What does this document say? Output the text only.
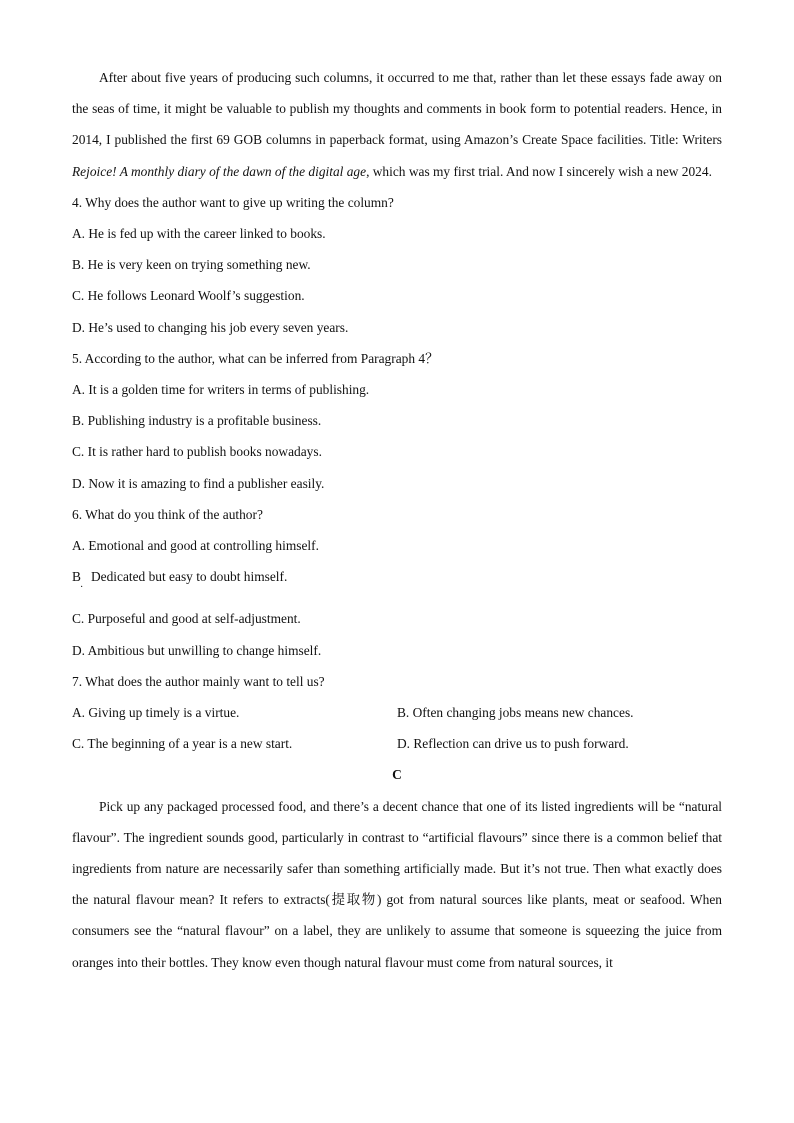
After about five years of producing such columns, it occurred to me that, rather than let these essays fade away on the seas of time, it might be valuable to publish my thoughts and comments in book form to potential readers. Hence, in 2014, I published the first 69 GOB columns in paperback format, using Amazon’s Create Space facilities. Title: Writers Rejoice! A monthly diary of the dawn of the digital age, which was my first trial. And now I sincerely wish a new 2024.

4. Why does the author want to give up writing the column?

A. He is fed up with the career linked to books.

B. He is very keen on trying something new.

C. He follows Leonard Woolf’s suggestion.

D. He’s used to changing his job every seven years.

5. According to the author, what can be inferred from Paragraph 4？

A. It is a golden time for writers in terms of publishing.

B. Publishing industry is a profitable business.

C. It is rather hard to publish books nowadays.

D. Now it is amazing to find a publisher easily.

6. What do you think of the author?

A. Emotional and good at controlling himself.

B   Dedicated but easy to doubt himself. ·

C. Purposeful and good at self-adjustment.

D. Ambitious but unwilling to change himself.

7. What does the author mainly want to tell us?

A. Giving up timely is a virtue.	B. Often changing jobs means new chances.
C. The beginning of a year is a new start.	D. Reflection can drive us to push forward.

C

Pick up any packaged processed food, and there’s a decent chance that one of its listed ingredients will be “natural flavour”. The ingredient sounds good, particularly in contrast to “artificial flavours” since there is a common belief that ingredients from nature are necessarily safer than something artificially made. But it’s not true. Then what exactly does the natural flavour mean? It refers to extracts(提取物) got from natural sources like plants, meat or seafood. When consumers see the “natural flavour” on a label, they are unlikely to assume that someone is squeezing the juice from oranges into their bottles. They know even though natural flavour must come from natural sources, it
